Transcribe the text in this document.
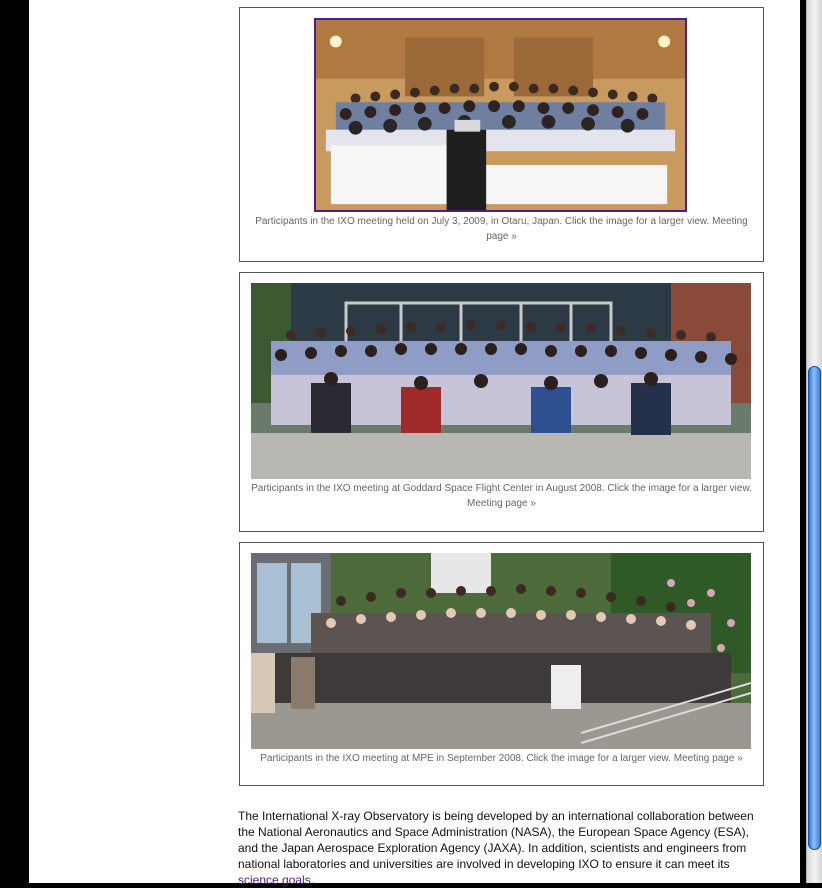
Participants in the IXO meeting held on July 3, 2009, in Otaru, Japan. Click the image for a larger view. Meeting page »
Participants in the IXO meeting at Goddard Space Flight Center in August 2008. Click the image for a larger view. Meeting page »
Participants in the IXO meeting at MPE in September 2008. Click the image for a larger view. Meeting page »

The International X-ray Observatory is being developed by an international collaboration between the National Aeronautics and Space Administration (NASA), the European Space Agency (ESA), and the Japan Aerospace Exploration Agency (JAXA). In addition, scientists and engineers from national laboratories and universities are involved in developing IXO to ensure it can meet its science goals.
